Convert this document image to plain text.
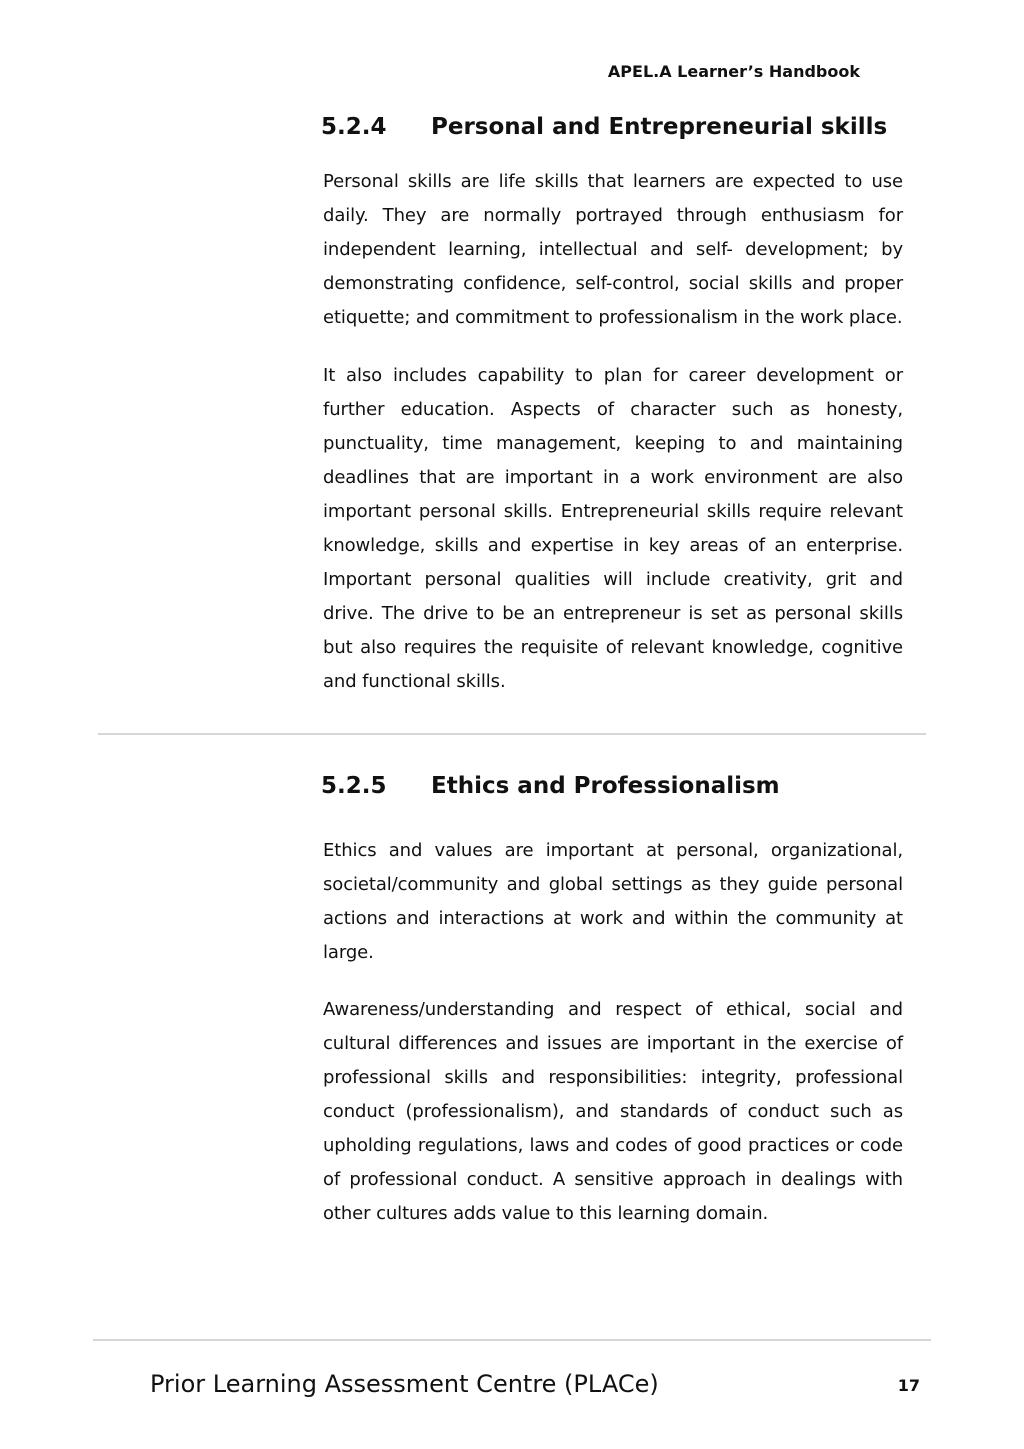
APEL.A Learner’s Handbook
5.2.4 Personal and Entrepreneurial skills

Personal skills are life skills that learners are expected to use daily. They are normally portrayed through enthusiasm for independent learning, intellectual and self- development; by demonstrating confidence, self-control, social skills and proper etiquette; and commitment to professionalism in the work place.

It also includes capability to plan for career development or further education. Aspects of character such as honesty, punctuality, time management, keeping to and maintaining deadlines that are important in a work environment are also important personal skills. Entrepreneurial skills require relevant knowledge, skills and expertise in key areas of an enterprise. Important personal qualities will include creativity, grit and drive. The drive to be an entrepreneur is set as personal skills but also requires the requisite of relevant knowledge, cognitive and functional skills.

5.2.5 Ethics and Professionalism

Ethics and values are important at personal, organizational, societal/community and global settings as they guide personal actions and interactions at work and within the community at large.

Awareness/understanding and respect of ethical, social and cultural differences and issues are important in the exercise of professional skills and responsibilities: integrity, professional conduct (professionalism), and standards of conduct such as upholding regulations, laws and codes of good practices or code of professional conduct. A sensitive approach in dealings with other cultures adds value to this learning domain.

Prior Learning Assessment Centre (PLACe)	17
